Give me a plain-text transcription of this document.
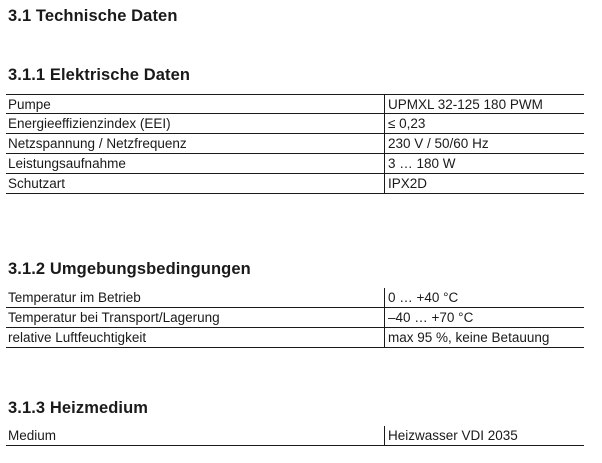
3.1 Technische Daten
3.1.1 Elektrische Daten
Pumpe	UPMXL 32-125 180 PWM
Energieeffizienzindex (EEI)	≤ 0,23
Netzspannung / Netzfrequenz	230 V / 50/60 Hz
Leistungsaufnahme	3 … 180 W
Schutzart	IPX2D
3.1.2 Umgebungsbedingungen
Temperatur im Betrieb	0 … +40 °C
Temperatur bei Transport/Lagerung	–40 … +70 °C
relative Luftfeuchtigkeit	max 95 %, keine Betauung
3.1.3 Heizmedium
Medium	Heizwasser VDI 2035
